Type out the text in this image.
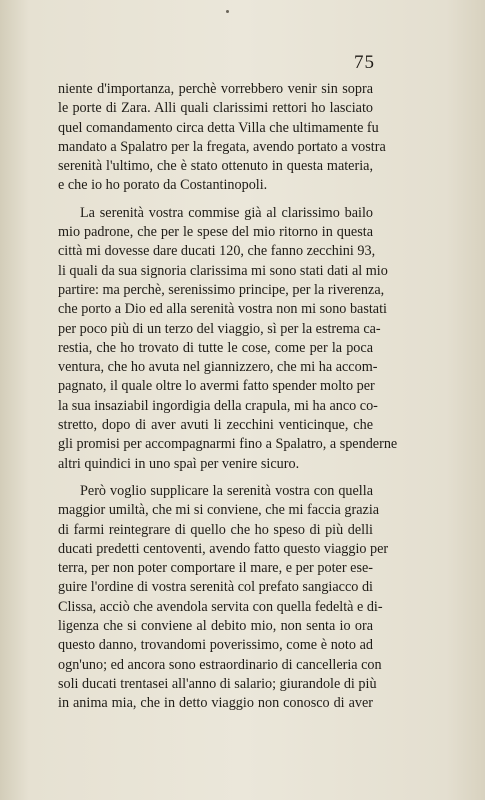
75
niente d'importanza, perchè vorrebbero venir sin sopra
le porte di Zara. Alli quali clarissimi rettori ho lasciato
quel comandamento circa detta Villa che ultimamente fu
mandato a Spalatro per la fregata, avendo portato a vostra
serenità l'ultimo, che è stato ottenuto in questa materia,
e che io ho porato da Costantinopoli.
La serenità vostra commise già al clarissimo bailo
mio padrone, che per le spese del mio ritorno in questa
città mi dovesse dare ducati 120, che fanno zecchini 93,
li quali da sua signoria clarissima mi sono stati dati al mio
partire: ma perchè, serenissimo principe, per la riverenza,
che porto a Dio ed alla serenità vostra non mi sono bastati
per poco più di un terzo del viaggio, sì per la estrema ca-
restia, che ho trovato di tutte le cose, come per la poca
ventura, che ho avuta nel giannizzero, che mi ha accom-
pagnato, il quale oltre lo avermi fatto spender molto per
la sua insaziabil ingordigia della crapula, mi ha anco co-
stretto, dopo di aver avuti li zecchini venticinque, che
gli promisi per accompagnarmi fino a Spalatro, a spenderne
altri quindici in uno spaì per venire sicuro.
Però voglio supplicare la serenità vostra con quella
maggior umiltà, che mi si conviene, che mi faccia grazia
di farmi reintegrare di quello che ho speso di più delli
ducati predetti centoventi, avendo fatto questo viaggio per
terra, per non poter comportare il mare, e per poter ese-
guire l'ordine di vostra serenità col prefato sangiacco di
Clissa, acciò che avendola servita con quella fedeltà e di-
ligenza che si conviene al debito mio, non senta io ora
questo danno, trovandomi poverissimo, come è noto ad
ogn'uno; ed ancora sono estraordinario di cancelleria con
soli ducati trentasei all'anno di salario; giurandole di più
in anima mia, che in detto viaggio non conosco di aver
